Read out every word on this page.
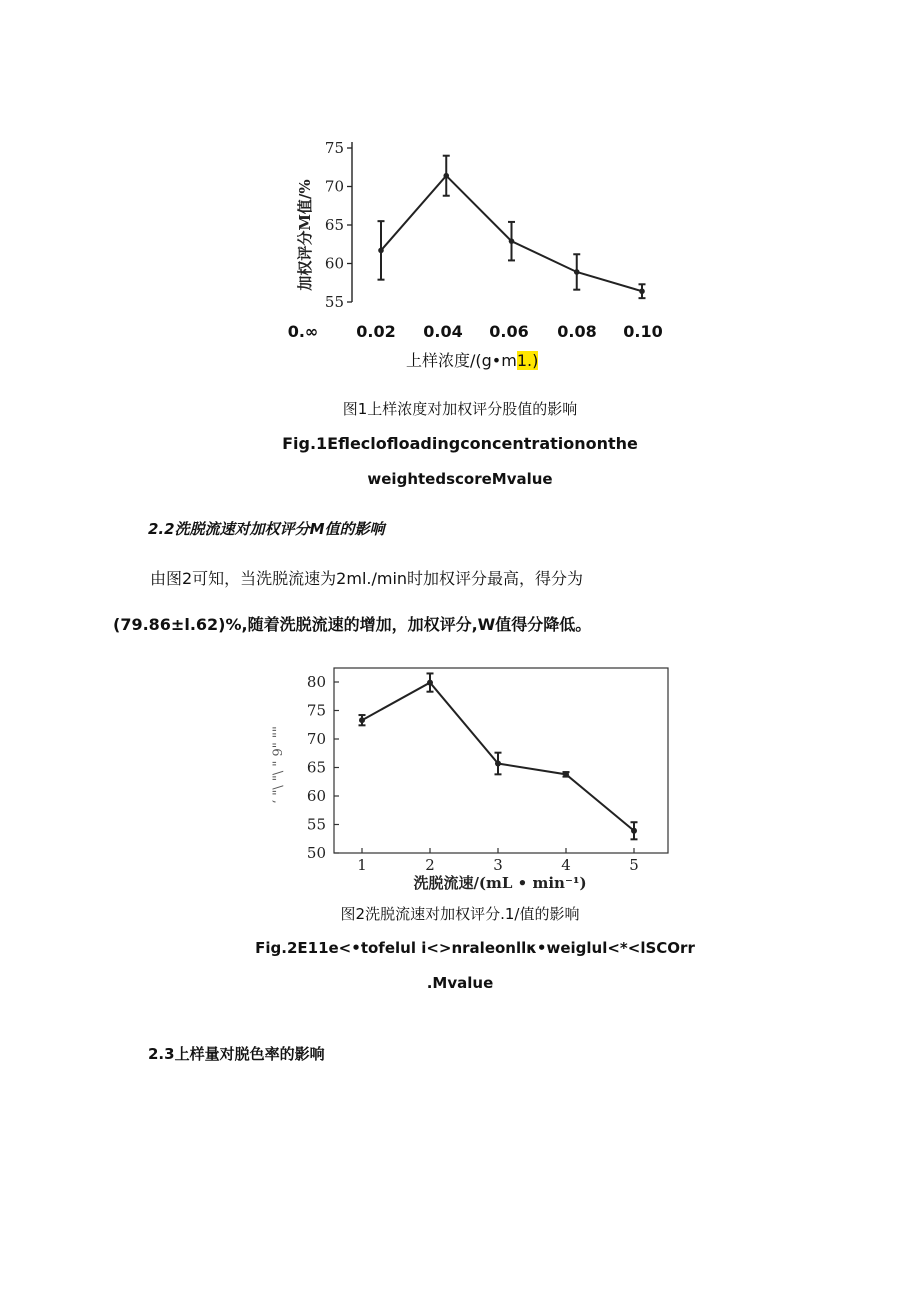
55
60
65
70
75
加权评分M值/%
0.∞	0.02	0.04	0.06	0.08	0.10
上样浓度/(g•m1.)
图1上样浓度对加权评分股值的影响
Fig.1Efleclofloadingconcentrationonthe
weightedscoreMvalue
2.2洗脱流速对加权评分M值的影响
由图2可知，当洗脱流速为2ml./min时加权评分最高，得分为
(79.86±l.62)%,随着洗脱流速的增加，加权评分,W值得分降低。
50
55
60
65
70
75
80
1	2	3	4	5
‘ "\ "\ " 9" ""
洗脱流速/(mL • min⁻¹)
图2洗脱流速对加权评分.1/值的影响
Fig.2E11e<•tofelul i<>nraleonllκ•weiglul<*<lSCOrr
.Mvalue
2.3上样量对脱色率的影响
